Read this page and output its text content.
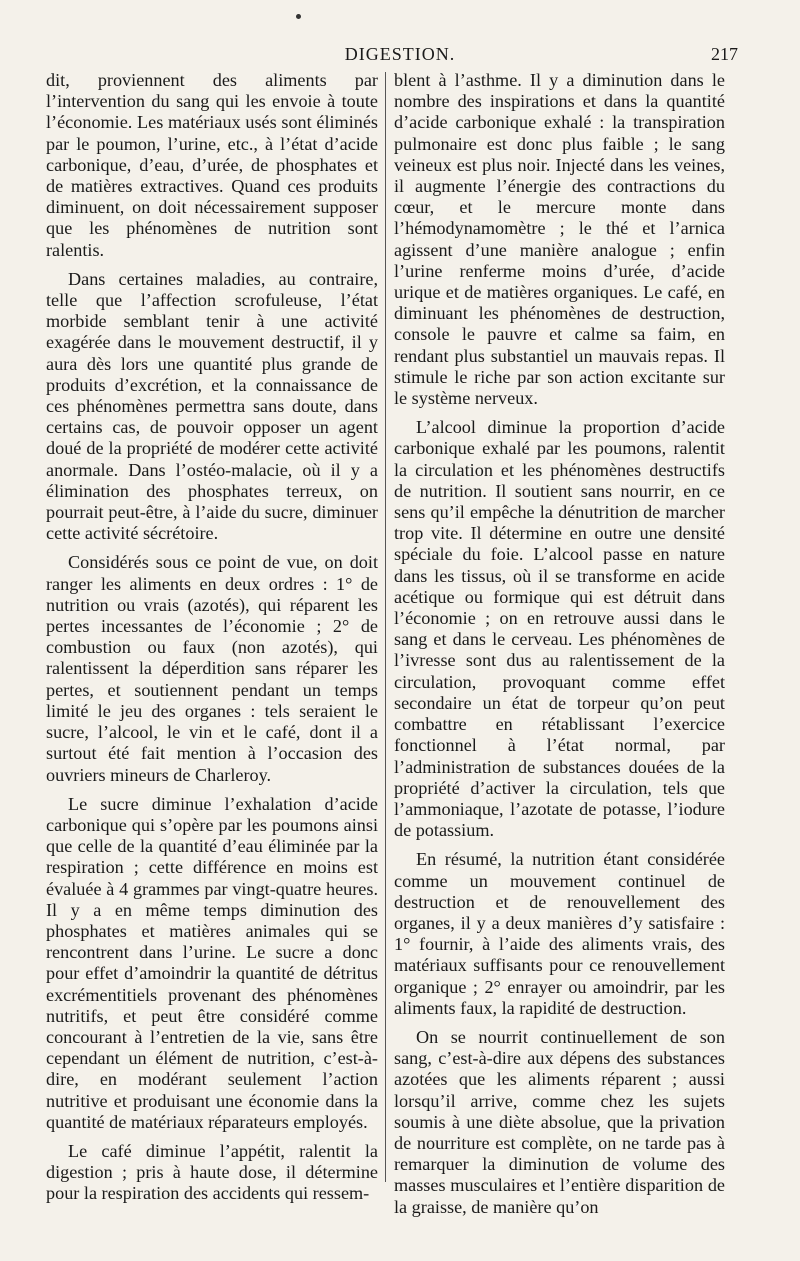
DIGESTION.	217

dit, proviennent des aliments par l’intervention du sang qui les envoie à toute l’économie. Les matériaux usés sont éliminés par le poumon, l’urine, etc., à l’état d’acide carbonique, d’eau, d’urée, de phosphates et de matières extractives. Quand ces produits diminuent, on doit nécessairement supposer que les phénomènes de nutrition sont ralentis.

Dans certaines maladies, au contraire, telle que l’affection scrofuleuse, l’état morbide semblant tenir à une activité exagérée dans le mouvement destructif, il y aura dès lors une quantité plus grande de produits d’excrétion, et la connaissance de ces phénomènes permettra sans doute, dans certains cas, de pouvoir opposer un agent doué de la propriété de modérer cette activité anormale. Dans l’ostéo-malacie, où il y a élimination des phosphates terreux, on pourrait peut-être, à l’aide du sucre, diminuer cette activité sécrétoire.

Considérés sous ce point de vue, on doit ranger les aliments en deux ordres : 1° de nutrition ou vrais (azotés), qui réparent les pertes incessantes de l’économie ; 2° de combustion ou faux (non azotés), qui ralentissent la déperdition sans réparer les pertes, et soutiennent pendant un temps limité le jeu des organes : tels seraient le sucre, l’alcool, le vin et le café, dont il a surtout été fait mention à l’occasion des ouvriers mineurs de Charleroy.

Le sucre diminue l’exhalation d’acide carbonique qui s’opère par les poumons ainsi que celle de la quantité d’eau éliminée par la respiration ; cette différence en moins est évaluée à 4 grammes par vingt-quatre heures. Il y a en même temps diminution des phosphates et matières animales qui se rencontrent dans l’urine. Le sucre a donc pour effet d’amoindrir la quantité de détritus excrémentitiels provenant des phénomènes nutritifs, et peut être considéré comme concourant à l’entretien de la vie, sans être cependant un élément de nutrition, c’est-à-dire, en modérant seulement l’action nutritive et produisant une économie dans la quantité de matériaux réparateurs employés.

Le café diminue l’appétit, ralentit la digestion ; pris à haute dose, il détermine pour la respiration des accidents qui ressem-

blent à l’asthme. Il y a diminution dans le nombre des inspirations et dans la quantité d’acide carbonique exhalé : la transpiration pulmonaire est donc plus faible ; le sang veineux est plus noir. Injecté dans les veines, il augmente l’énergie des contractions du cœur, et le mercure monte dans l’hémodynamomètre ; le thé et l’arnica agissent d’une manière analogue ; enfin l’urine renferme moins d’urée, d’acide urique et de matières organiques. Le café, en diminuant les phénomènes de destruction, console le pauvre et calme sa faim, en rendant plus substantiel un mauvais repas. Il stimule le riche par son action excitante sur le système nerveux.

L’alcool diminue la proportion d’acide carbonique exhalé par les poumons, ralentit la circulation et les phénomènes destructifs de nutrition. Il soutient sans nourrir, en ce sens qu’il empêche la dénutrition de marcher trop vite. Il détermine en outre une densité spéciale du foie. L’alcool passe en nature dans les tissus, où il se transforme en acide acétique ou formique qui est détruit dans l’économie ; on en retrouve aussi dans le sang et dans le cerveau. Les phénomènes de l’ivresse sont dus au ralentissement de la circulation, provoquant comme effet secondaire un état de torpeur qu’on peut combattre en rétablissant l’exercice fonctionnel à l’état normal, par l’administration de substances douées de la propriété d’activer la circulation, tels que l’ammoniaque, l’azotate de potasse, l’iodure de potassium.

En résumé, la nutrition étant considérée comme un mouvement continuel de destruction et de renouvellement des organes, il y a deux manières d’y satisfaire : 1° fournir, à l’aide des aliments vrais, des matériaux suffisants pour ce renouvellement organique ; 2° enrayer ou amoindrir, par les aliments faux, la rapidité de destruction.

On se nourrit continuellement de son sang, c’est-à-dire aux dépens des substances azotées que les aliments réparent ; aussi lorsqu’il arrive, comme chez les sujets soumis à une diète absolue, que la privation de nourriture est complète, on ne tarde pas à remarquer la diminution de volume des masses musculaires et l’entière disparition de la graisse, de manière qu’on
